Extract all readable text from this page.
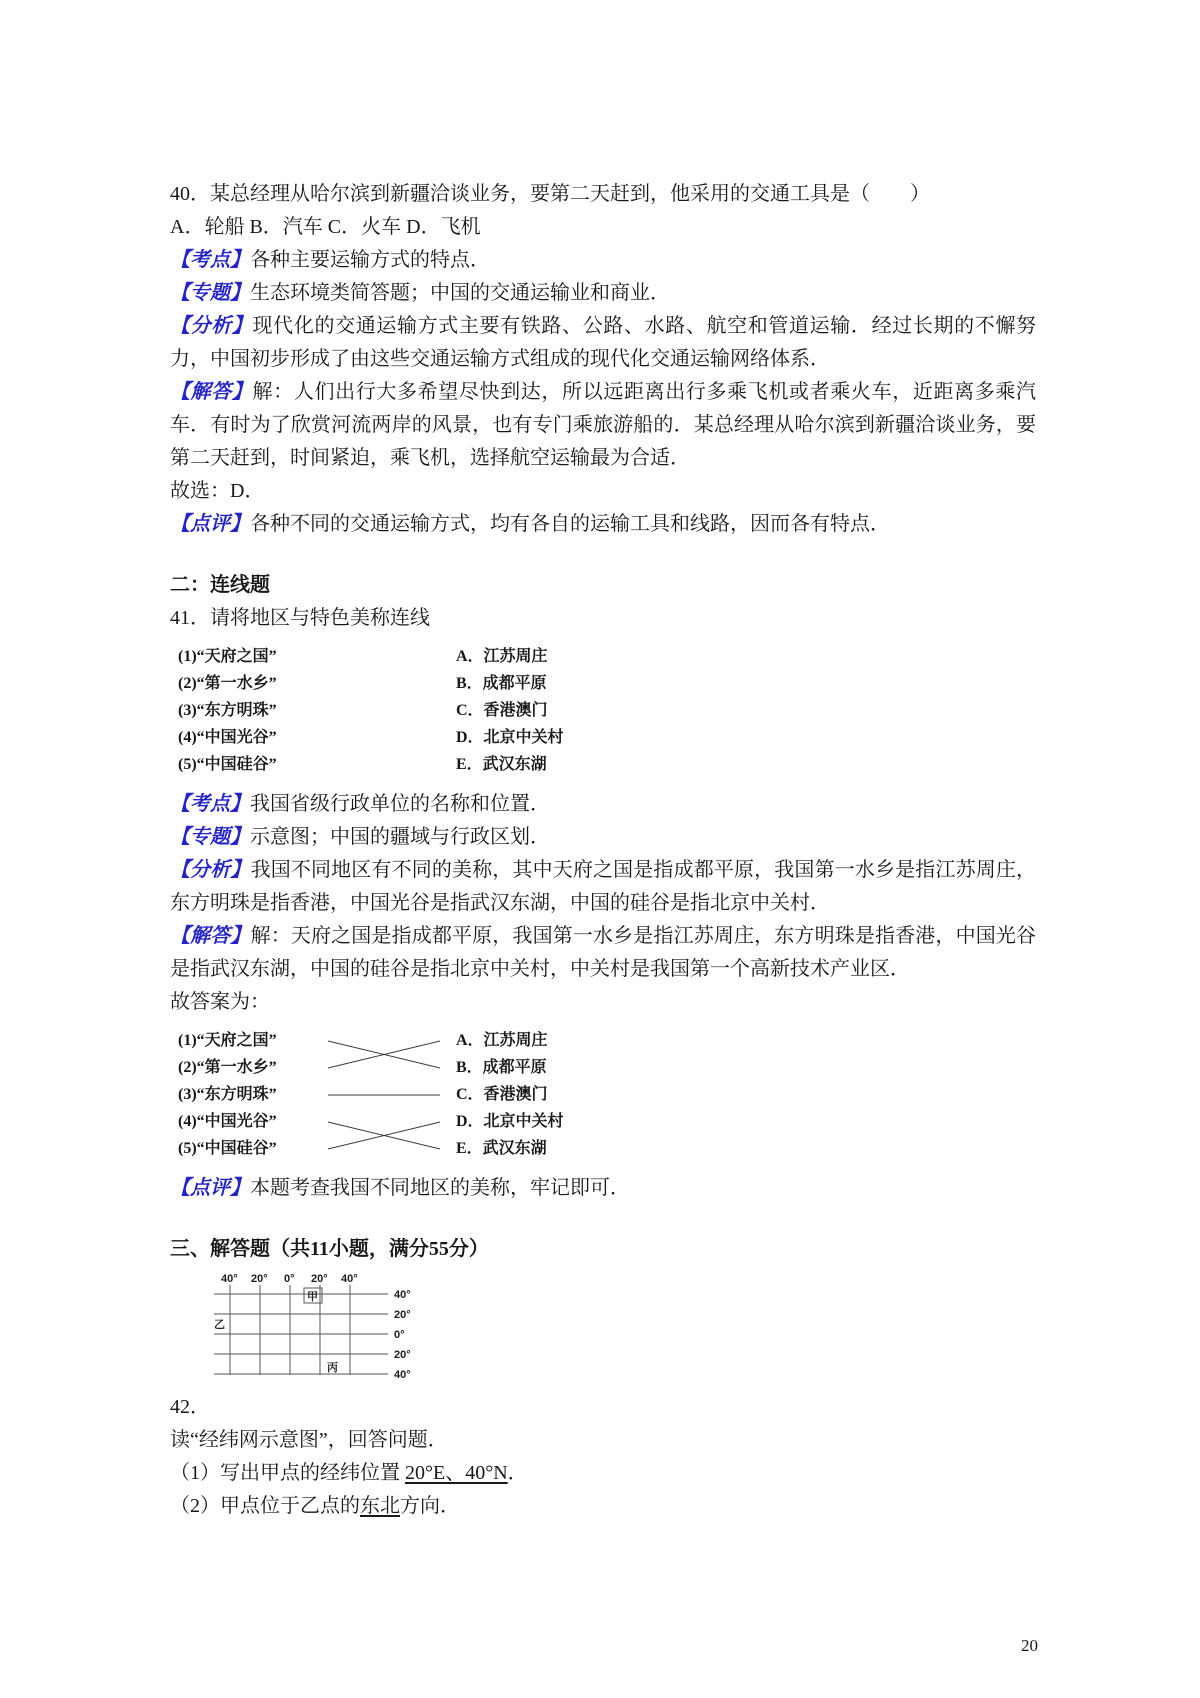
40．某总经理从哈尔滨到新疆洽谈业务，要第二天赶到，他采用的交通工具是（　　）

A．轮船 B．汽车 C．火车 D．飞机

【考点】各种主要运输方式的特点．

【专题】生态环境类简答题；中国的交通运输业和商业．

【分析】现代化的交通运输方式主要有铁路、公路、水路、航空和管道运输．经过长期的不懈努力，中国初步形成了由这些交通运输方式组成的现代化交通运输网络体系．

【解答】解：人们出行大多希望尽快到达，所以远距离出行多乘飞机或者乘火车，近距离多乘汽车．有时为了欣赏河流两岸的风景，也有专门乘旅游船的．某总经理从哈尔滨到新疆洽谈业务，要第二天赶到，时间紧迫，乘飞机，选择航空运输最为合适．

故选：D．

【点评】各种不同的交通运输方式，均有各自的运输工具和线路，因而各有特点．

二：连线题

41．请将地区与特色美称连线

(1)“天府之国”	A．江苏周庄
(2)“第一水乡”	B．成都平原
(3)“东方明珠”	C．香港澳门
(4)“中国光谷”	D．北京中关村
(5)“中国硅谷”	E．武汉东湖

【考点】我国省级行政单位的名称和位置．

【专题】示意图；中国的疆域与行政区划．

【分析】我国不同地区有不同的美称，其中天府之国是指成都平原，我国第一水乡是指江苏周庄，东方明珠是指香港，中国光谷是指武汉东湖，中国的硅谷是指北京中关村．

【解答】解：天府之国是指成都平原，我国第一水乡是指江苏周庄，东方明珠是指香港，中国光谷是指武汉东湖，中国的硅谷是指北京中关村，中关村是我国第一个高新技术产业区．

故答案为：

(1)“天府之国”	A．江苏周庄
(2)“第一水乡”	B．成都平原
(3)“东方明珠”	C．香港澳门
(4)“中国光谷”	D．北京中关村
(5)“中国硅谷”	E．武汉东湖

【点评】本题考查我国不同地区的美称，牢记即可．

三、解答题（共11小题，满分55分）

40° 20° 0° 20° 40°
40°
20°
0°
20°
40°
甲
乙
丙

42．

读“经纬网示意图”，回答问题．

（1）写出甲点的经纬位置 20°E、40°N．

（2）甲点位于乙点的东北方向．

20
